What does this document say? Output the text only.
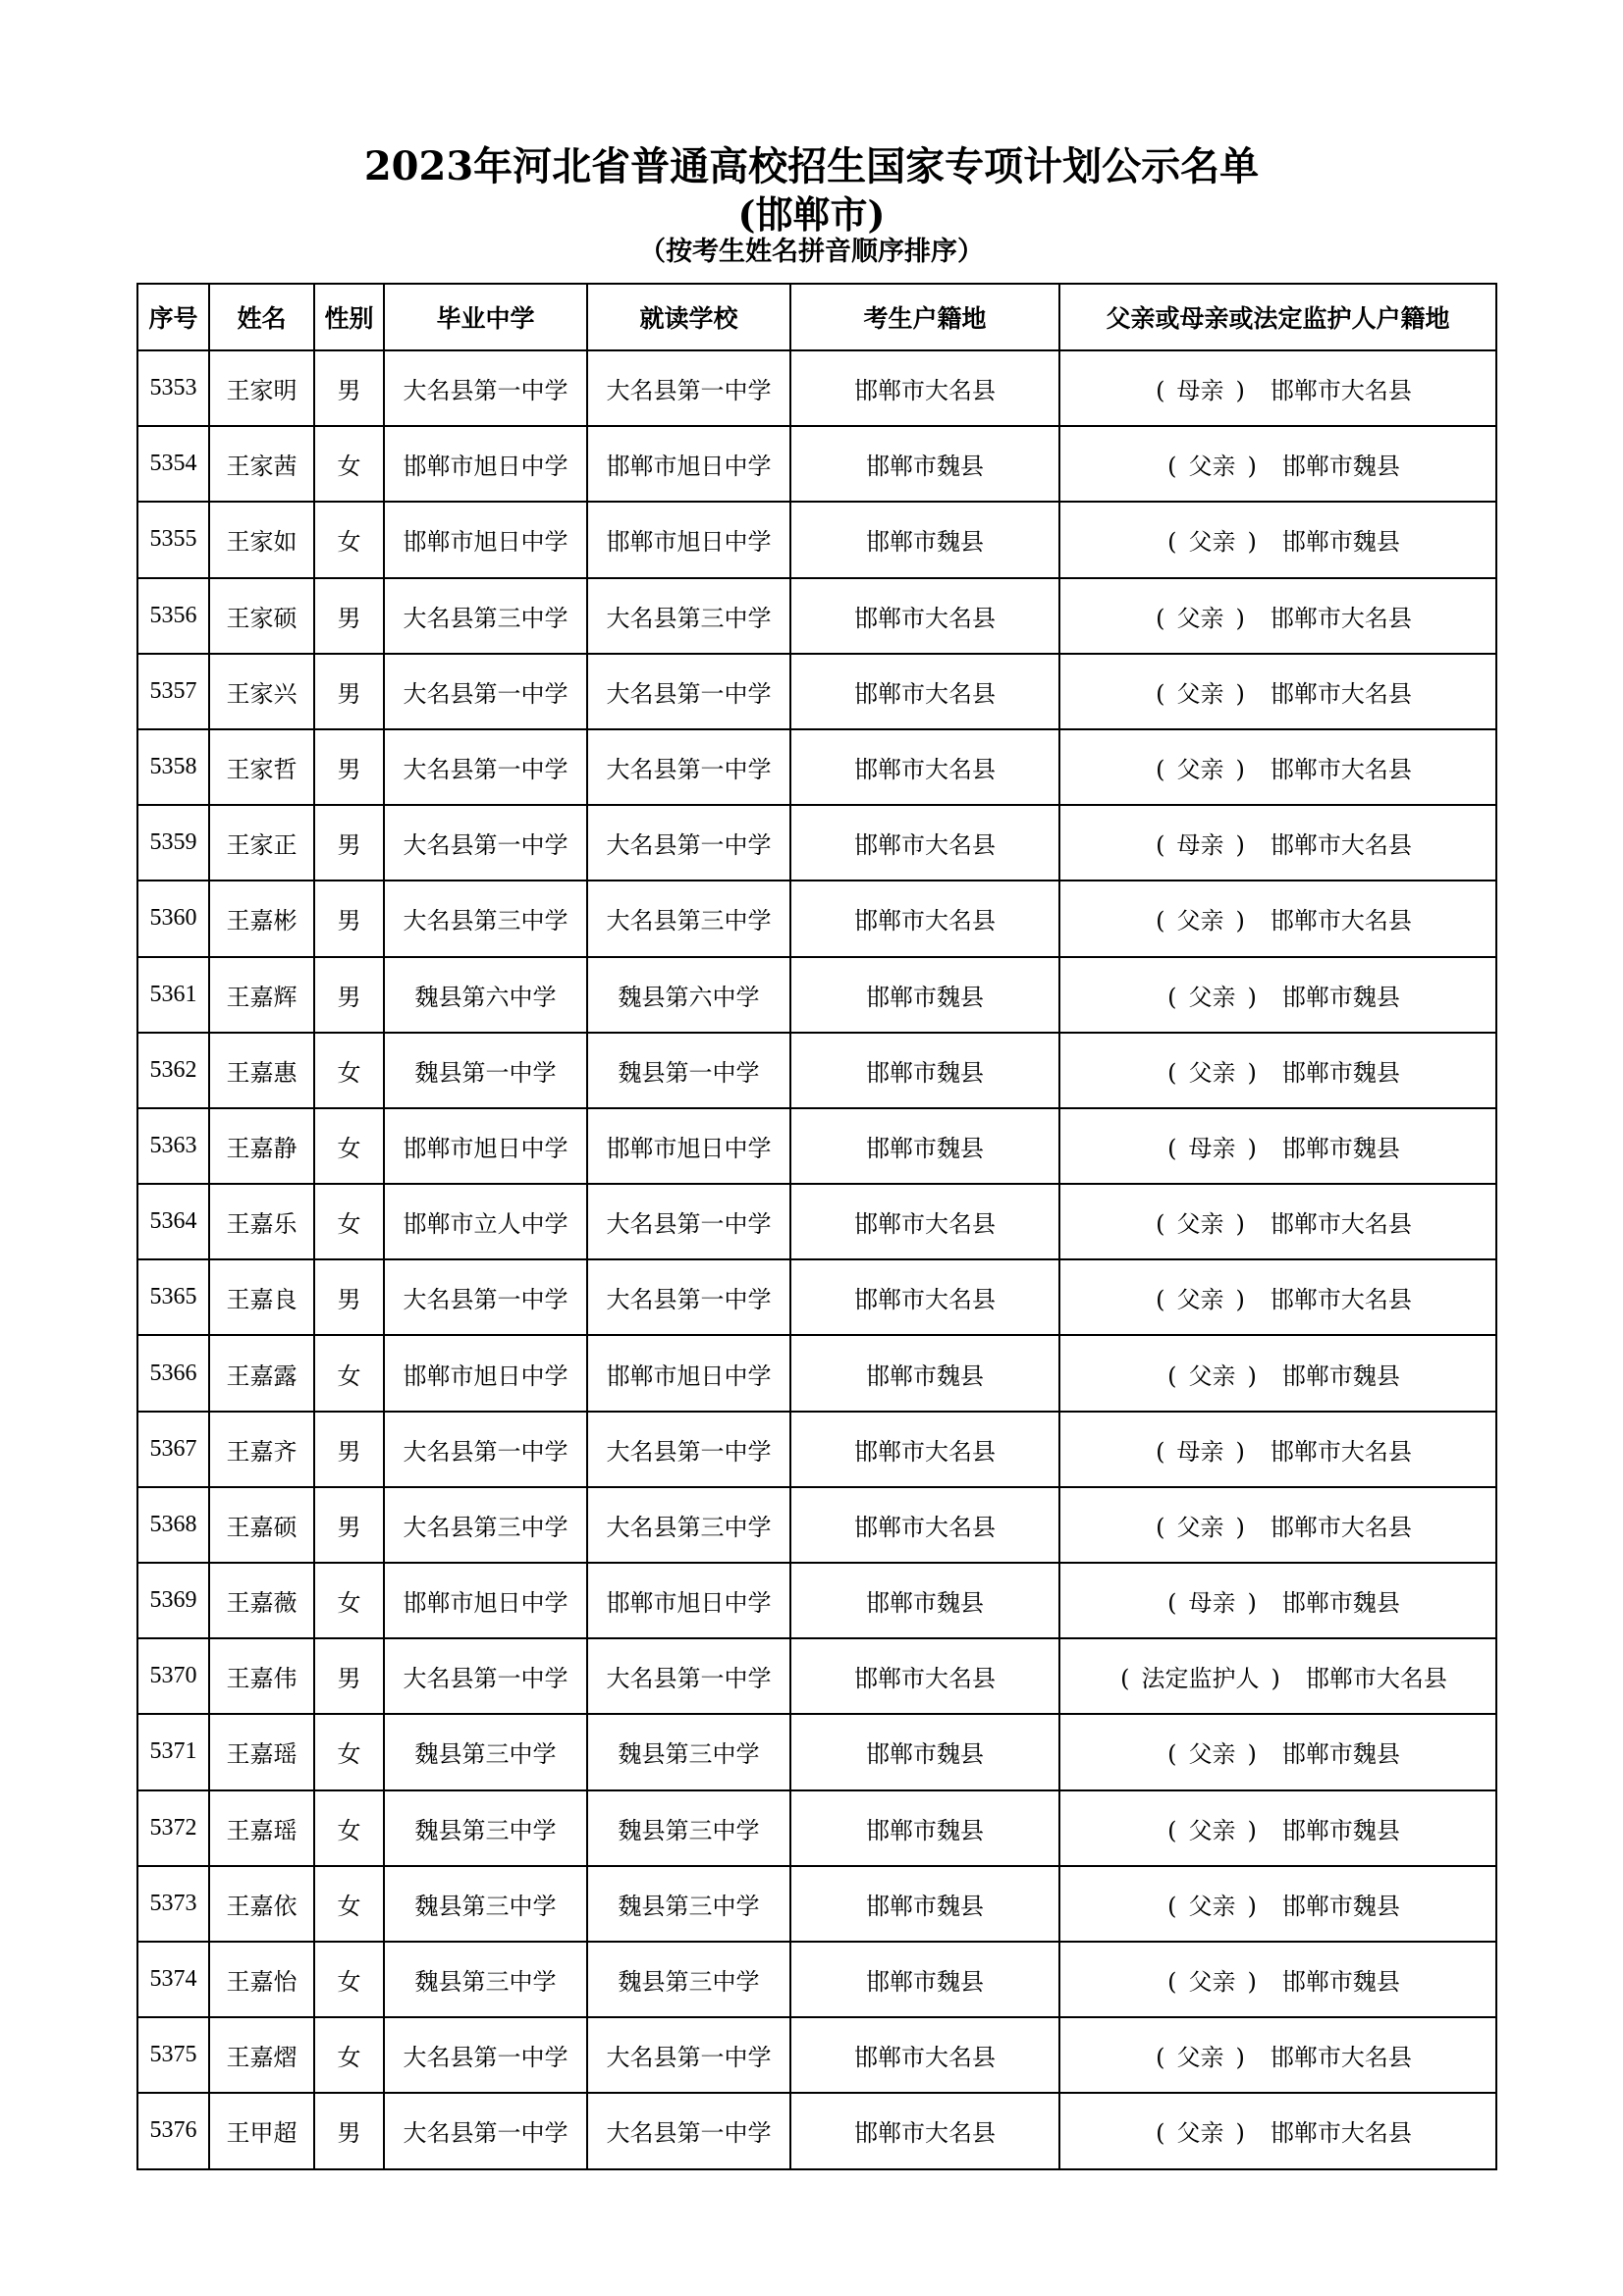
2023年河北省普通高校招生国家专项计划公示名单
(邯郸市)
（按考生姓名拼音顺序排序）
序号	姓名	性别	毕业中学	就读学校	考生户籍地	父亲或母亲或法定监护人户籍地
5353	王家明	男	大名县第一中学	大名县第一中学	邯郸市大名县	( 母亲 ) 邯郸市大名县
5354	王家茜	女	邯郸市旭日中学	邯郸市旭日中学	邯郸市魏县	( 父亲 ) 邯郸市魏县
5355	王家如	女	邯郸市旭日中学	邯郸市旭日中学	邯郸市魏县	( 父亲 ) 邯郸市魏县
5356	王家硕	男	大名县第三中学	大名县第三中学	邯郸市大名县	( 父亲 ) 邯郸市大名县
5357	王家兴	男	大名县第一中学	大名县第一中学	邯郸市大名县	( 父亲 ) 邯郸市大名县
5358	王家哲	男	大名县第一中学	大名县第一中学	邯郸市大名县	( 父亲 ) 邯郸市大名县
5359	王家正	男	大名县第一中学	大名县第一中学	邯郸市大名县	( 母亲 ) 邯郸市大名县
5360	王嘉彬	男	大名县第三中学	大名县第三中学	邯郸市大名县	( 父亲 ) 邯郸市大名县
5361	王嘉辉	男	魏县第六中学	魏县第六中学	邯郸市魏县	( 父亲 ) 邯郸市魏县
5362	王嘉惠	女	魏县第一中学	魏县第一中学	邯郸市魏县	( 父亲 ) 邯郸市魏县
5363	王嘉静	女	邯郸市旭日中学	邯郸市旭日中学	邯郸市魏县	( 母亲 ) 邯郸市魏县
5364	王嘉乐	女	邯郸市立人中学	大名县第一中学	邯郸市大名县	( 父亲 ) 邯郸市大名县
5365	王嘉良	男	大名县第一中学	大名县第一中学	邯郸市大名县	( 父亲 ) 邯郸市大名县
5366	王嘉露	女	邯郸市旭日中学	邯郸市旭日中学	邯郸市魏县	( 父亲 ) 邯郸市魏县
5367	王嘉齐	男	大名县第一中学	大名县第一中学	邯郸市大名县	( 母亲 ) 邯郸市大名县
5368	王嘉硕	男	大名县第三中学	大名县第三中学	邯郸市大名县	( 父亲 ) 邯郸市大名县
5369	王嘉薇	女	邯郸市旭日中学	邯郸市旭日中学	邯郸市魏县	( 母亲 ) 邯郸市魏县
5370	王嘉伟	男	大名县第一中学	大名县第一中学	邯郸市大名县	( 法定监护人 ) 邯郸市大名县
5371	王嘉瑶	女	魏县第三中学	魏县第三中学	邯郸市魏县	( 父亲 ) 邯郸市魏县
5372	王嘉瑶	女	魏县第三中学	魏县第三中学	邯郸市魏县	( 父亲 ) 邯郸市魏县
5373	王嘉依	女	魏县第三中学	魏县第三中学	邯郸市魏县	( 父亲 ) 邯郸市魏县
5374	王嘉怡	女	魏县第三中学	魏县第三中学	邯郸市魏县	( 父亲 ) 邯郸市魏县
5375	王嘉熠	女	大名县第一中学	大名县第一中学	邯郸市大名县	( 父亲 ) 邯郸市大名县
5376	王甲超	男	大名县第一中学	大名县第一中学	邯郸市大名县	( 父亲 ) 邯郸市大名县
